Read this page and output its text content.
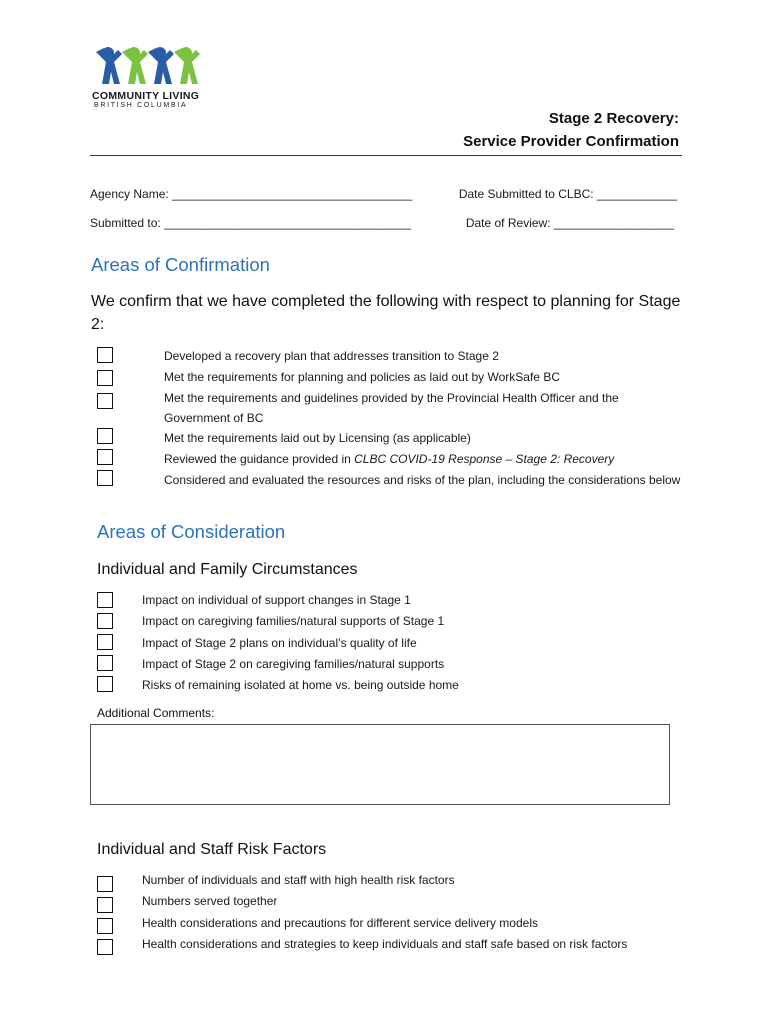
COMMUNITY LIVING
BRITISH COLUMBIA
Stage 2 Recovery:
Service Provider Confirmation
Agency Name: ____________________________________	Date Submitted to CLBC: ____________
Submitted to: _____________________________________	Date of Review: __________________
Areas of Confirmation
We confirm that we have completed the following with respect to planning for Stage 2:
Developed a recovery plan that addresses transition to Stage 2
Met the requirements for planning and policies as laid out by WorkSafe BC
Met the requirements and guidelines provided by the Provincial Health Officer and the
Government of BC
Met the requirements laid out by Licensing (as applicable)
Reviewed the guidance provided in CLBC COVID-19 Response – Stage 2: Recovery
Considered and evaluated the resources and risks of the plan, including the considerations below
Areas of Consideration
Individual and Family Circumstances
Impact on individual of support changes in Stage 1
Impact on caregiving families/natural supports of Stage 1
Impact of Stage 2 plans on individual’s quality of life
Impact of Stage 2 on caregiving families/natural supports
Risks of remaining isolated at home vs. being outside home
Additional Comments:
Individual and Staff Risk Factors
Number of individuals and staff with high health risk factors
Numbers served together
Health considerations and precautions for different service delivery models
Health considerations and strategies to keep individuals and staff safe based on risk factors
